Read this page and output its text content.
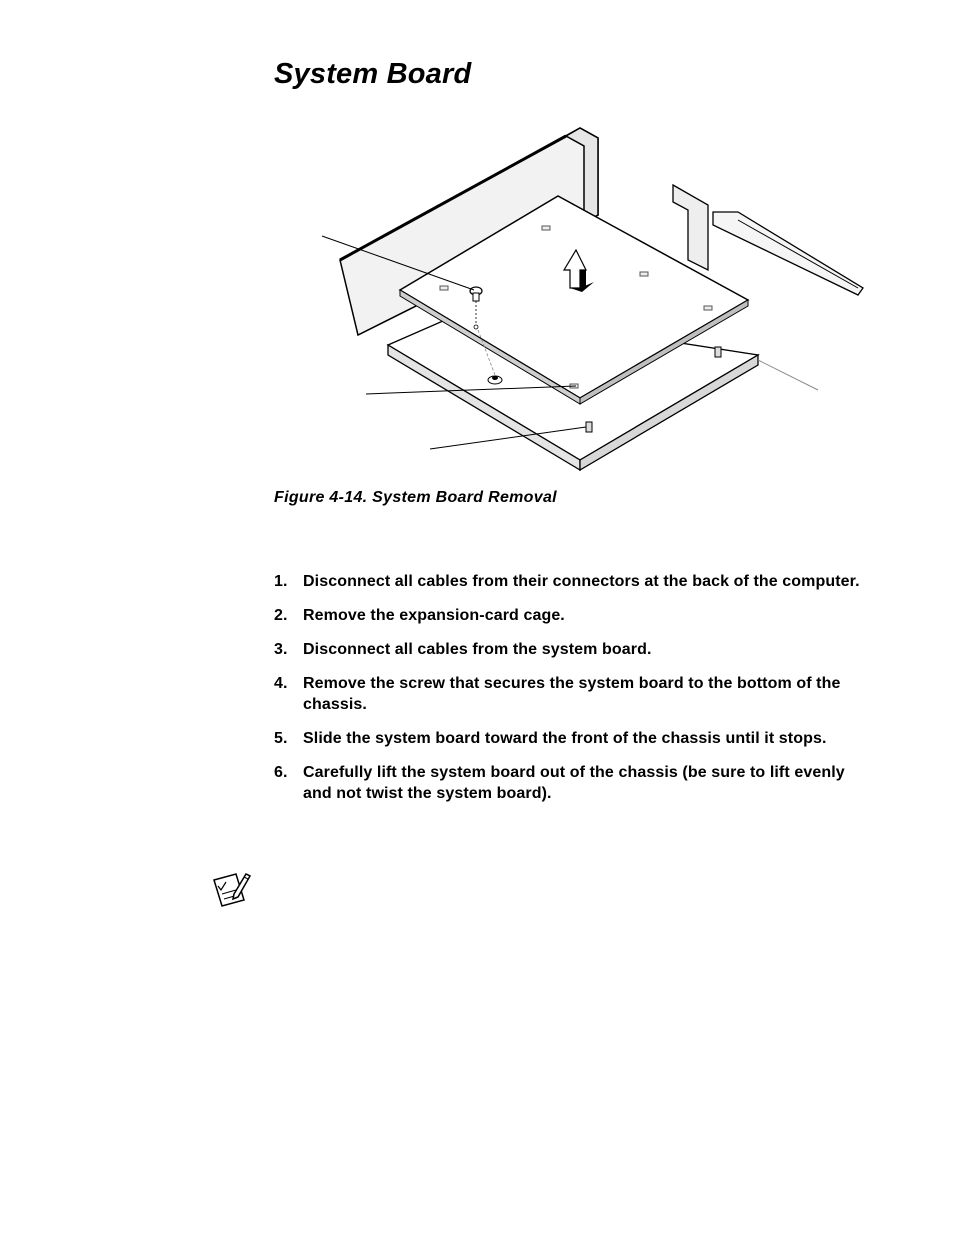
System Board
Figure 4-14. System Board Removal
1. Disconnect all cables from their connectors at the back of the computer.
2. Remove the expansion-card cage.
3. Disconnect all cables from the system board.
4. Remove the screw that secures the system board to the bottom of the chassis.
5. Slide the system board toward the front of the chassis until it stops.
6. Carefully lift the system board out of the chassis (be sure to lift evenly and not twist the system board).
